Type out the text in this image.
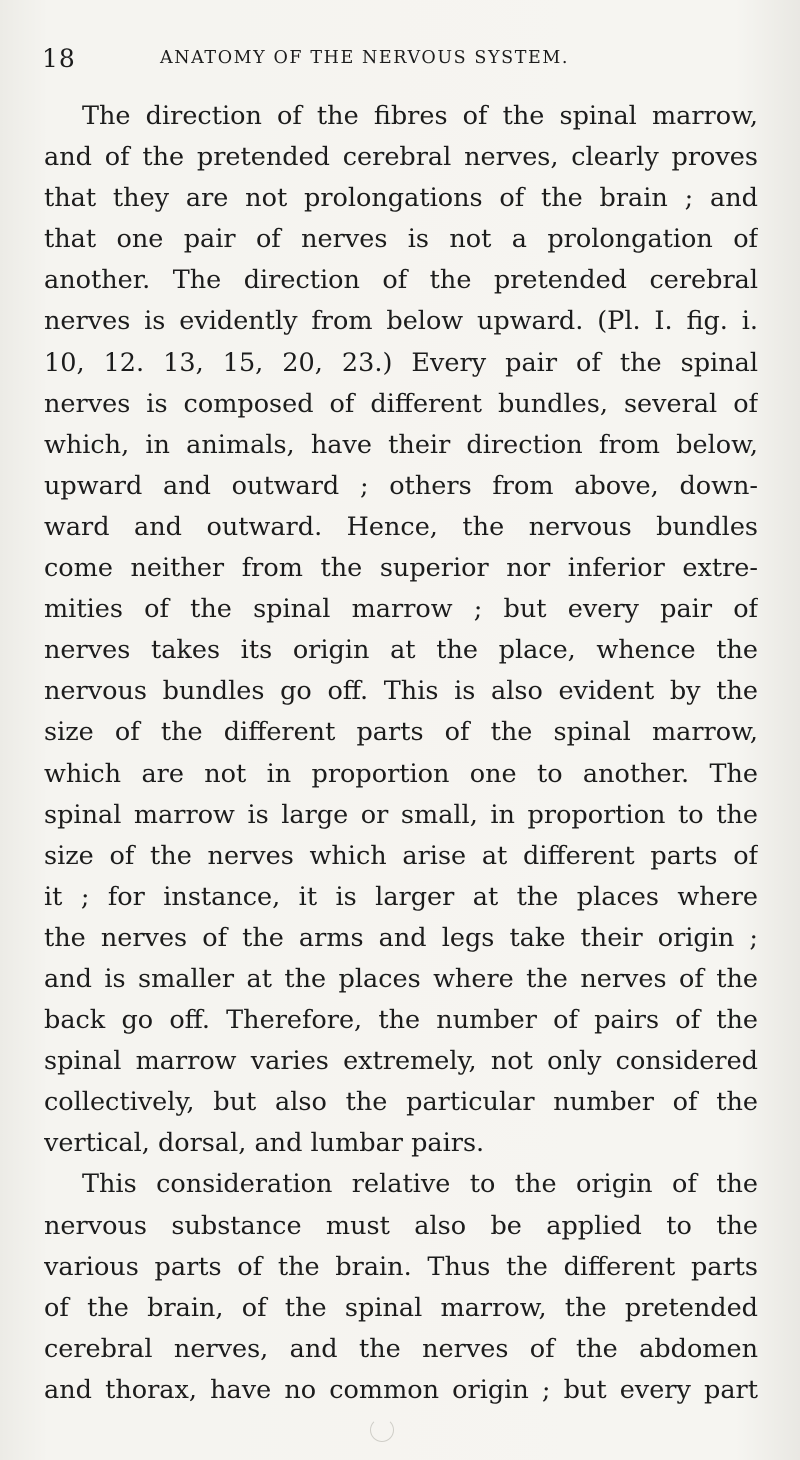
18	ANATOMY OF THE NERVOUS SYSTEM.
The direction of the fibres of the spinal marrow,
and of the pretended cerebral nerves, clearly proves
that they are not prolongations of the brain ; and
that one pair of nerves is not a prolongation of
another. The direction of the pretended cerebral
nerves is evidently from below upward. (Pl. I. fig. i.
10, 12. 13, 15, 20, 23.) Every pair of the spinal
nerves is composed of different bundles, several of
which, in animals, have their direction from below,
upward and outward ; others from above, down-
ward and outward. Hence, the nervous bundles
come neither from the superior nor inferior extre-
mities of the spinal marrow ; but every pair of
nerves takes its origin at the place, whence the
nervous bundles go off. This is also evident by the
size of the different parts of the spinal marrow,
which are not in proportion one to another. The
spinal marrow is large or small, in proportion to the
size of the nerves which arise at different parts of
it ; for instance, it is larger at the places where
the nerves of the arms and legs take their origin ;
and is smaller at the places where the nerves of the
back go off. Therefore, the number of pairs of the
spinal marrow varies extremely, not only considered
collectively, but also the particular number of the
vertical, dorsal, and lumbar pairs.
This consideration relative to the origin of the
nervous substance must also be applied to the
various parts of the brain. Thus the different parts
of the brain, of the spinal marrow, the pretended
cerebral nerves, and the nerves of the abdomen
and thorax, have no common origin ; but every part
